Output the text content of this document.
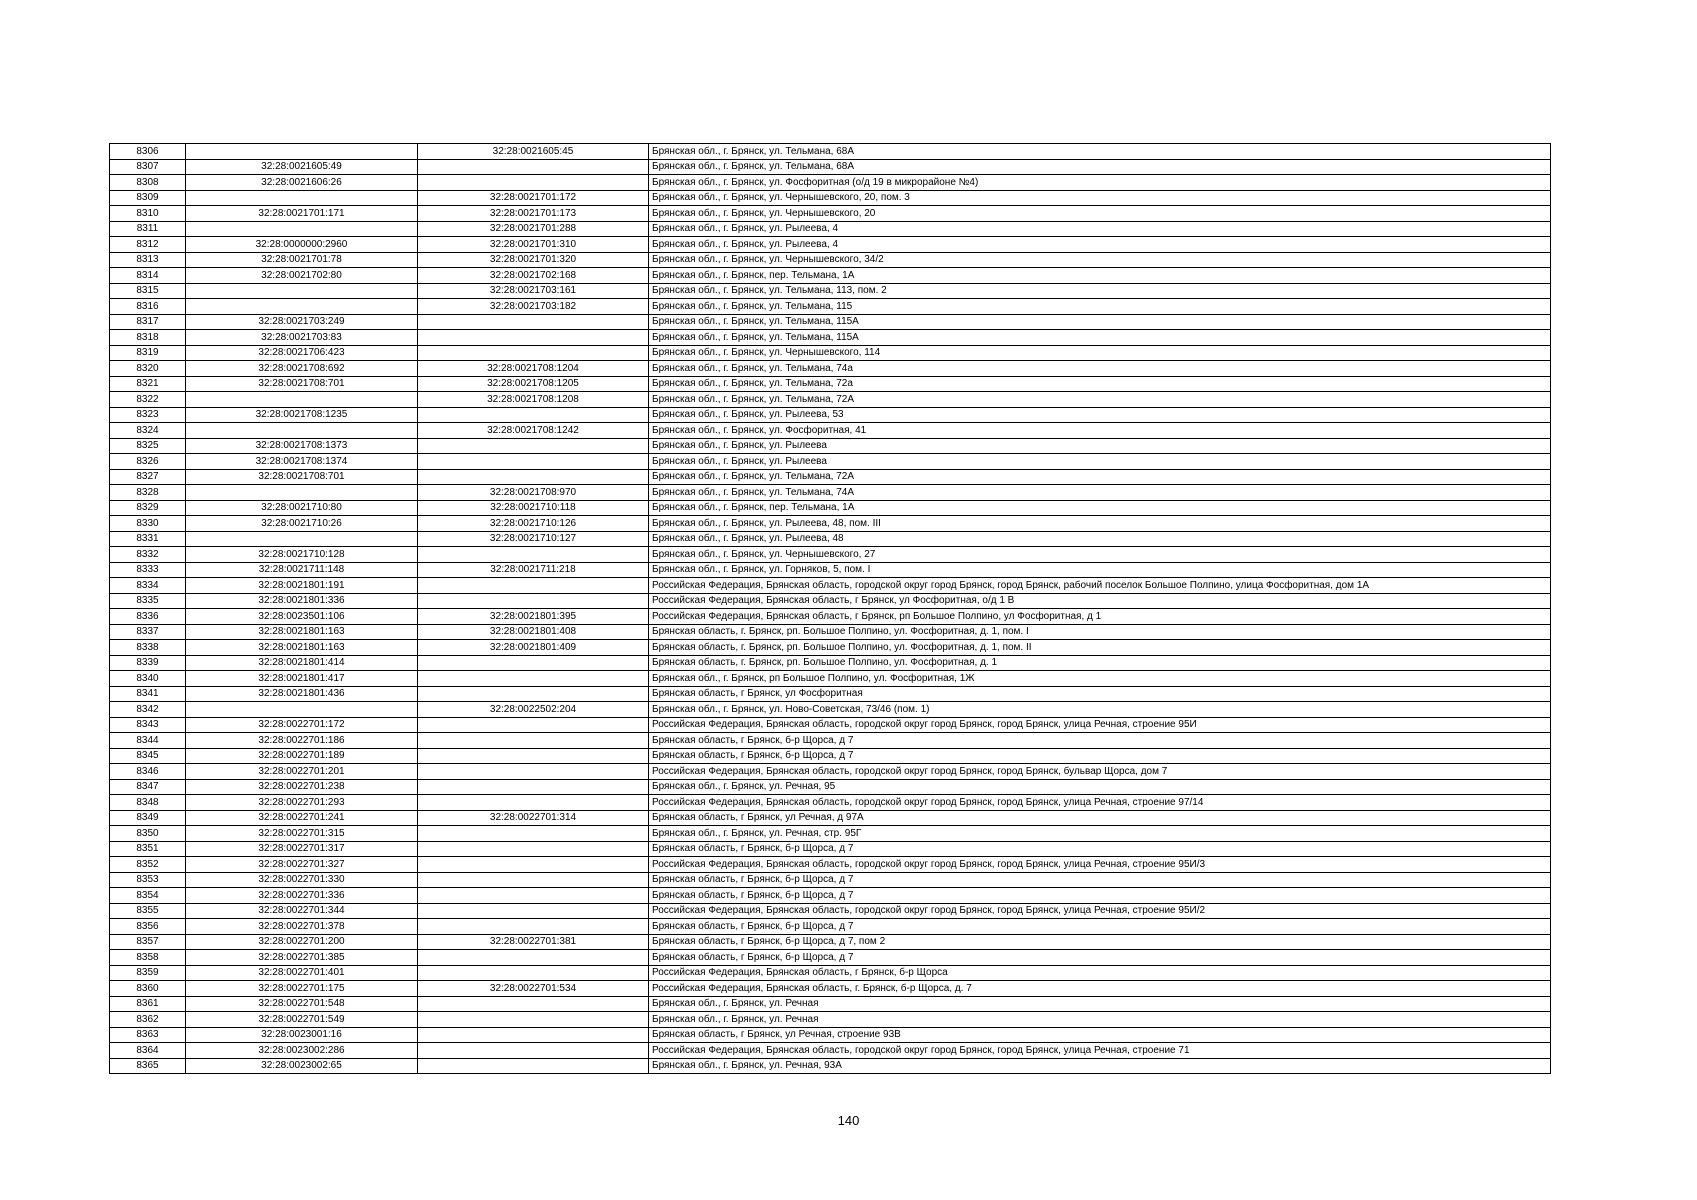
8306		32:28:0021605:45	Брянская обл., г. Брянск, ул. Тельмана, 68А
8307	32:28:0021605:49		Брянская обл., г. Брянск, ул. Тельмана, 68А
8308	32:28:0021606:26		Брянская обл., г. Брянск, ул. Фосфоритная (о/д 19 в микрорайоне №4)
8309		32:28:0021701:172	Брянская обл., г. Брянск, ул. Чернышевского, 20, пом. 3
8310	32:28:0021701:171	32:28:0021701:173	Брянская обл., г. Брянск, ул. Чернышевского, 20
8311		32:28:0021701:288	Брянская обл., г. Брянск, ул. Рылеева, 4
8312	32:28:0000000:2960	32:28:0021701:310	Брянская обл., г. Брянск, ул. Рылеева, 4
8313	32:28:0021701:78	32:28:0021701:320	Брянская обл., г. Брянск, ул. Чернышевского, 34/2
8314	32:28:0021702:80	32:28:0021702:168	Брянская обл., г. Брянск, пер. Тельмана, 1А
8315		32:28:0021703:161	Брянская обл., г. Брянск, ул. Тельмана, 113, пом. 2
8316		32:28:0021703:182	Брянская обл., г. Брянск, ул. Тельмана, 115
8317	32:28:0021703:249		Брянская обл., г. Брянск, ул. Тельмана, 115А
8318	32:28:0021703:83		Брянская обл., г. Брянск, ул. Тельмана, 115А
8319	32:28:0021706:423		Брянская обл., г. Брянск, ул. Чернышевского, 114
8320	32:28:0021708:692	32:28:0021708:1204	Брянская обл., г. Брянск, ул. Тельмана, 74а
8321	32:28:0021708:701	32:28:0021708:1205	Брянская обл., г. Брянск, ул. Тельмана, 72а
8322		32:28:0021708:1208	Брянская обл., г. Брянск, ул. Тельмана, 72А
8323	32:28:0021708:1235		Брянская обл., г. Брянск, ул. Рылеева, 53
8324		32:28:0021708:1242	Брянская обл., г. Брянск, ул. Фосфоритная, 41
8325	32:28:0021708:1373		Брянская обл., г. Брянск, ул. Рылеева
8326	32:28:0021708:1374		Брянская обл., г. Брянск, ул. Рылеева
8327	32:28:0021708:701		Брянская обл., г. Брянск, ул. Тельмана, 72А
8328		32:28:0021708:970	Брянская обл., г. Брянск, ул. Тельмана, 74А
8329	32:28:0021710:80	32:28:0021710:118	Брянская обл., г. Брянск, пер. Тельмана, 1А
8330	32:28:0021710:26	32:28:0021710:126	Брянская обл., г. Брянск, ул. Рылеева, 48, пом. III
8331		32:28:0021710:127	Брянская обл., г. Брянск, ул. Рылеева, 48
8332	32:28:0021710:128		Брянская обл., г. Брянск, ул. Чернышевского, 27
8333	32:28:0021711:148	32:28:0021711:218	Брянская обл., г. Брянск, ул. Горняков, 5, пом. I
8334	32:28:0021801:191		Российская Федерация, Брянская область, городской округ город Брянск, город Брянск, рабочий поселок Большое Полпино, улица Фосфоритная, дом 1А
8335	32:28:0021801:336		Российская Федерация, Брянская область, г Брянск, ул Фосфоритная, о/д 1 В
8336	32:28:0023501:106	32:28:0021801:395	Российская Федерация, Брянская область, г Брянск, рп Большое Полпино, ул Фосфоритная, д 1
8337	32:28:0021801:163	32:28:0021801:408	Брянская область, г. Брянск, рп. Большое Полпино, ул. Фосфоритная, д. 1, пом. I
8338	32:28:0021801:163	32:28:0021801:409	Брянская область, г. Брянск, рп. Большое Полпино, ул. Фосфоритная, д. 1, пом. II
8339	32:28:0021801:414		Брянская область, г. Брянск, рп. Большое Полпино, ул. Фосфоритная, д. 1
8340	32:28:0021801:417		Брянская обл., г. Брянск, рп Большое Полпино, ул. Фосфоритная, 1Ж
8341	32:28:0021801:436		Брянская область, г Брянск, ул Фосфоритная
8342		32:28:0022502:204	Брянская обл., г. Брянск, ул. Ново-Советская, 73/46 (пом. 1)
8343	32:28:0022701:172		Российская Федерация, Брянская область, городской округ город Брянск, город Брянск, улица Речная, строение 95И
8344	32:28:0022701:186		Брянская область, г Брянск, б-р Щорса, д 7
8345	32:28:0022701:189		Брянская область, г Брянск, б-р Щорса, д 7
8346	32:28:0022701:201		Российская Федерация, Брянская область, городской округ город Брянск, город Брянск, бульвар Щорса, дом 7
8347	32:28:0022701:238		Брянская обл., г. Брянск, ул. Речная, 95
8348	32:28:0022701:293		Российская Федерация, Брянская область, городской округ город Брянск, город Брянск, улица Речная, строение 97/14
8349	32:28:0022701:241	32:28:0022701:314	Брянская область, г Брянск, ул Речная, д 97А
8350	32:28:0022701:315		Брянская обл., г. Брянск, ул. Речная, стр. 95Г
8351	32:28:0022701:317		Брянская область, г Брянск, б-р Щорса, д 7
8352	32:28:0022701:327		Российская Федерация, Брянская область, городской округ город Брянск, город Брянск, улица Речная, строение 95И/3
8353	32:28:0022701:330		Брянская область, г Брянск, б-р Щорса, д 7
8354	32:28:0022701:336		Брянская область, г Брянск, б-р Щорса, д 7
8355	32:28:0022701:344		Российская Федерация, Брянская область, городской округ город Брянск, город Брянск, улица Речная, строение 95И/2
8356	32:28:0022701:378		Брянская область, г Брянск, б-р Щорса, д 7
8357	32:28:0022701:200	32:28:0022701:381	Брянская область, г Брянск, б-р Щорса, д 7, пом 2
8358	32:28:0022701:385		Брянская область, г Брянск, б-р Щорса, д 7
8359	32:28:0022701:401		Российская Федерация, Брянская область, г Брянск, б-р Щорса
8360	32:28:0022701:175	32:28:0022701:534	Российская Федерация, Брянская область, г. Брянск, б-р Щорса, д. 7
8361	32:28:0022701:548		Брянская обл., г. Брянск, ул. Речная
8362	32:28:0022701:549		Брянская обл., г. Брянск, ул. Речная
8363	32:28:0023001:16		Брянская область, г Брянск, ул Речная, строение 93В
8364	32:28:0023002:286		Российская Федерация, Брянская область, городской округ город Брянск, город Брянск, улица Речная, строение 71
8365	32:28:0023002:65		Брянская обл., г. Брянск, ул. Речная, 93А
140
